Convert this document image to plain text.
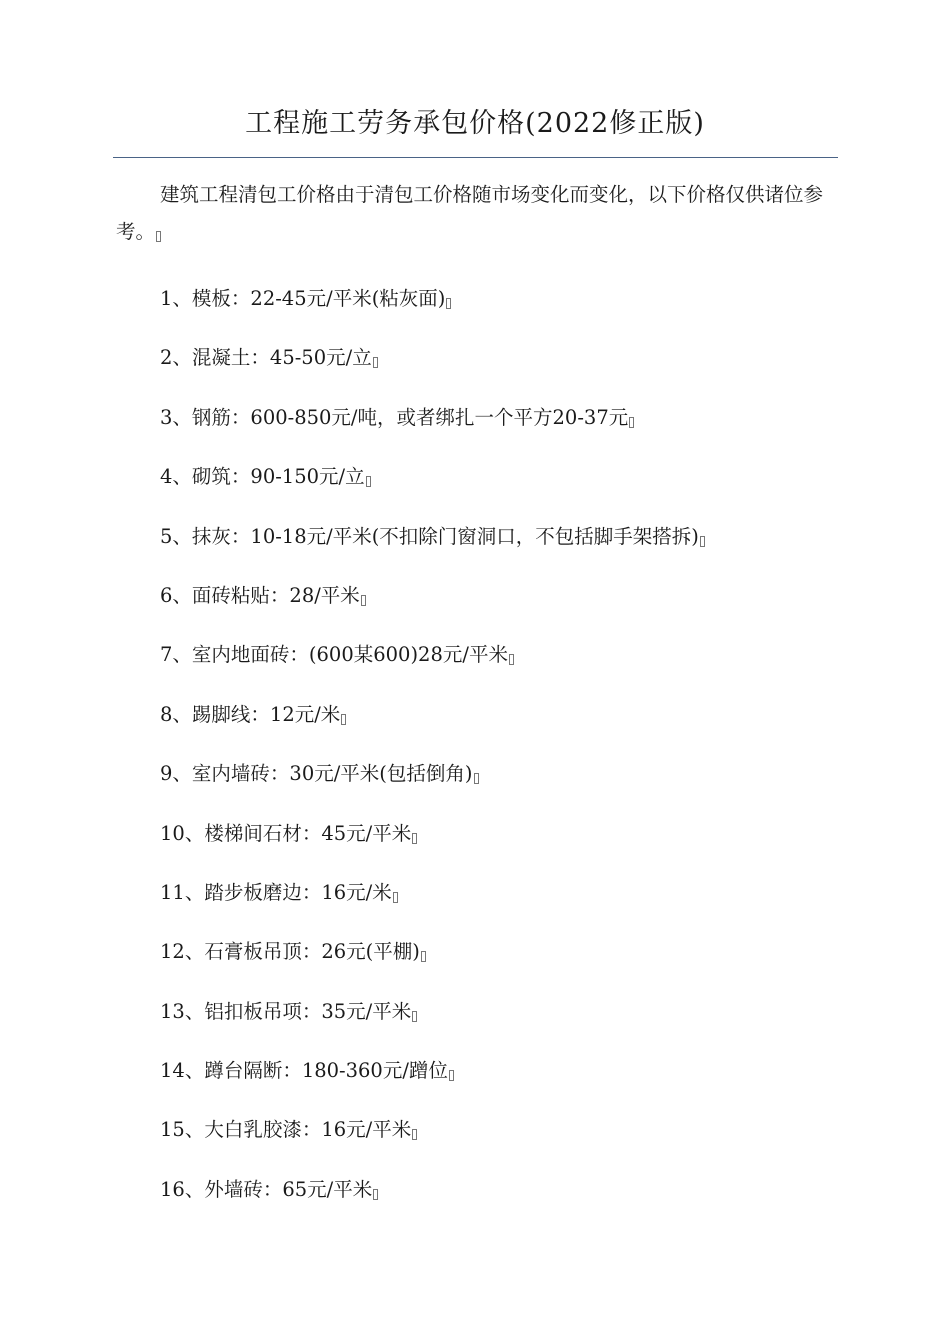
工程施工劳务承包价格(2022修正版)
建筑工程清包工价格由于清包工价格随市场变化而变化，以下价格仅供诸位参考。
1、模板：22-45元/平米(粘灰面)
2、混凝土：45-50元/立
3、钢筋：600-850元/吨，或者绑扎一个平方20-37元
4、砌筑：90-150元/立
5、抹灰：10-18元/平米(不扣除门窗洞口，不包括脚手架搭拆)
6、面砖粘贴：28/平米
7、室内地面砖：(600某600)28元/平米
8、踢脚线：12元/米
9、室内墙砖：30元/平米(包括倒角)
10、楼梯间石材：45元/平米
11、踏步板磨边：16元/米
12、石膏板吊顶：26元(平棚)
13、铝扣板吊项：35元/平米
14、蹲台隔断：180-360元/蹭位
15、大白乳胶漆：16元/平米
16、外墙砖：65元/平米
